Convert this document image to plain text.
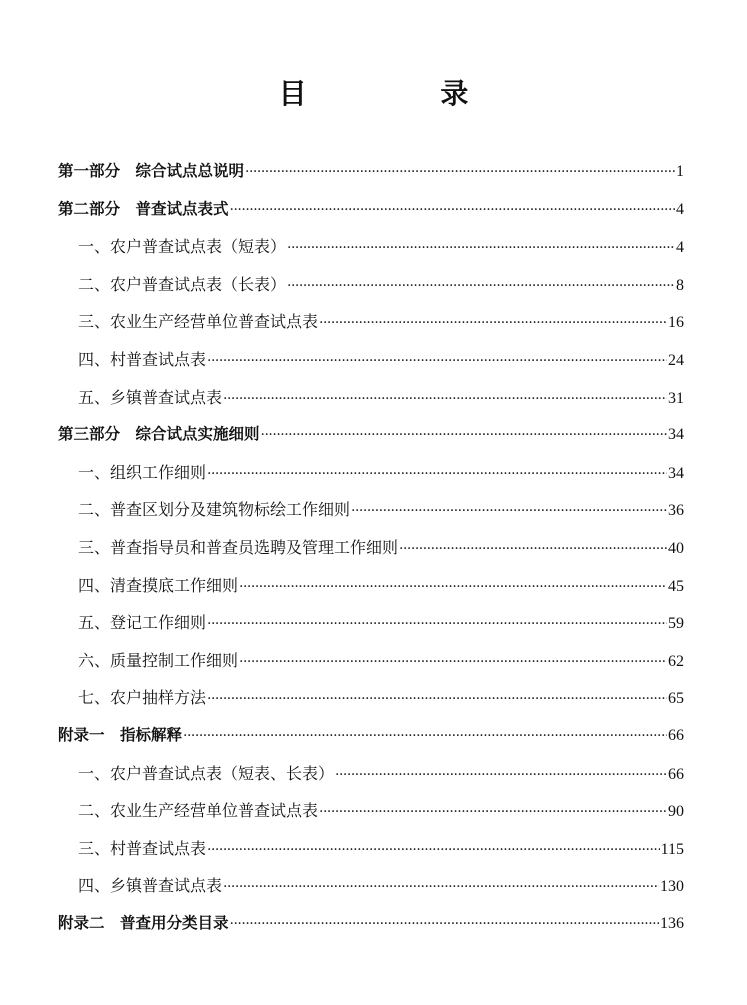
目 录
第一部分　综合试点总说明 ·····	1
第二部分　普查试点表式 ·····	4
一、农户普查试点表（短表） ·····	4
二、农户普查试点表（长表） ·····	8
三、农业生产经营单位普查试点表 ·····	16
四、村普查试点表 ·····	24
五、乡镇普查试点表 ·····	31
第三部分　综合试点实施细则 ·····	34
一、组织工作细则 ·····	34
二、普查区划分及建筑物标绘工作细则 ·····	36
三、普查指导员和普查员选聘及管理工作细则 ·····	40
四、清查摸底工作细则 ·····	45
五、登记工作细则 ·····	59
六、质量控制工作细则 ·····	62
七、农户抽样方法 ·····	65
附录一　指标解释 ·····	66
一、农户普查试点表（短表、长表） ·····	66
二、农业生产经营单位普查试点表 ·····	90
三、村普查试点表 ·····	115
四、乡镇普查试点表 ·····	130
附录二　普查用分类目录 ·····	136
